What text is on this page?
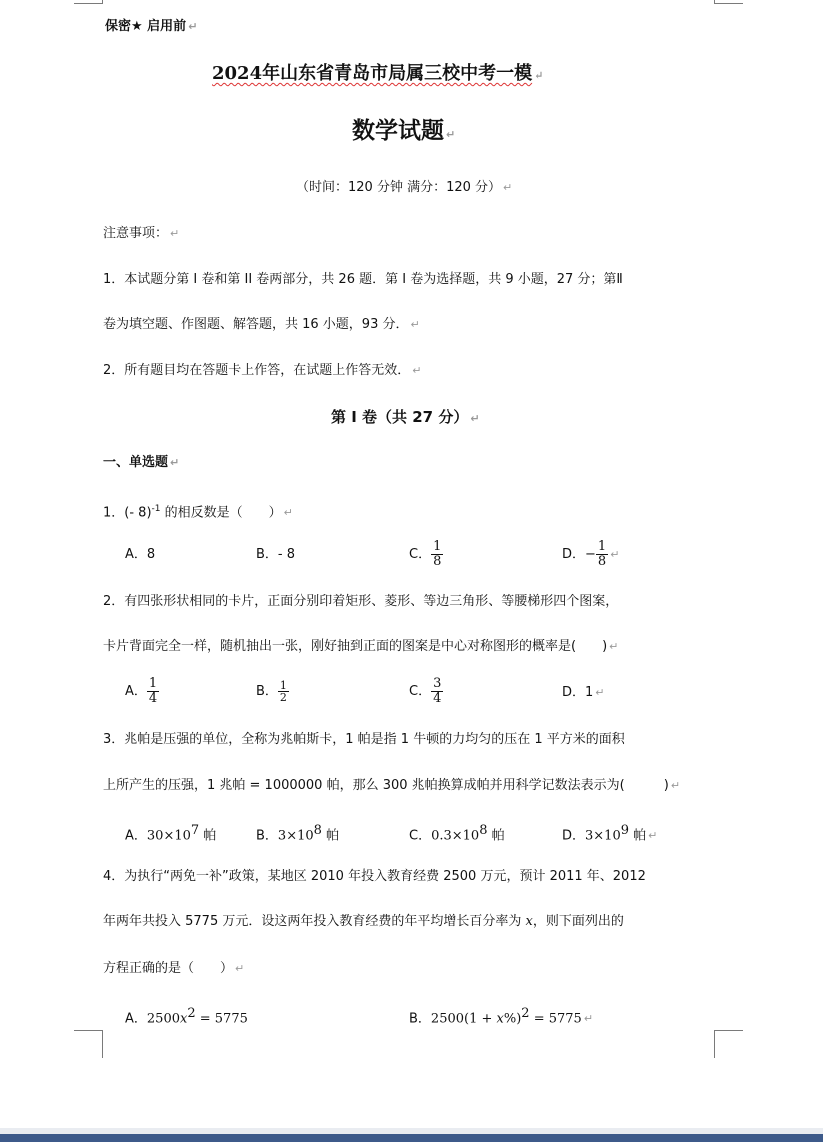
保密★ 启用前 ↵
2024年山东省青岛市局属三校中考一模 ↵
数学试题 ↵
（时间：120 分钟 满分：120 分） ↵
注意事项： ↵
1．本试题分第 I 卷和第 II 卷两部分，共 26 题．第 I 卷为选择题，共 9 小题，27 分；第Ⅱ
卷为填空题、作图题、解答题，共 16 小题，93 分． ↵
2．所有题目均在答题卡上作答，在试题上作答无效． ↵
第 I 卷（共 27 分） ↵
一、单选题 ↵
1．(- 8)$^{-1}$ 的相反数是（　　） ↵
A．8	B．- 8	C． $\frac{1}{8}$	D．− $\frac{1}{8}$ ↵
2．有四张形状相同的卡片，正面分别印着矩形、菱形、等边三角形、等腰梯形四个图案，
卡片背面完全一样，随机抽出一张，刚好抽到正面的图案是中心对称图形的概率是(　　) ↵
A． $\frac{1}{4}$	B． $\frac{1}{2}$	C． $\frac{3}{4}$	D．1 ↵
3．兆帕是压强的单位，全称为兆帕斯卡，1 帕是指 1 牛顿的力均匀的压在 1 平方米的面积
上所产生的压强，1 兆帕 = 1000000 帕，那么 300 兆帕换算成帕并用科学记数法表示为(　　　) ↵
A．$30\times 10^7$ 帕	B．$3\times 10^8$ 帕	C．$0.3\times 10^8$ 帕	D．$3\times 10^9$ 帕 ↵
4．为执行“两免一补”政策，某地区 2010 年投入教育经费 2500 万元，预计 2011 年、2012
年两年共投入 5775 万元．设这两年投入教育经费的年平均增长百分率为 x，则下面列出的
方程正确的是（　　） ↵
A．$2500x^2 = 5775$	B．$2500(1 + x\%)^2 = 5775$ ↵
